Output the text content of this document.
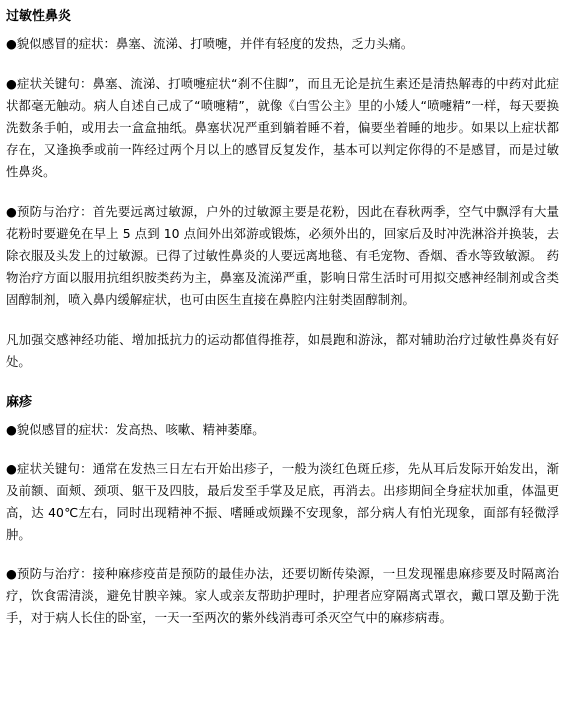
过敏性鼻炎

●貌似感冒的症状：鼻塞、流涕、打喷嚏，并伴有轻度的发热，乏力头痛。

●症状关键句：鼻塞、流涕、打喷嚏症状“刹不住脚”，而且无论是抗生素还是清热解毒的中药对此症状都毫无触动。病人自述自己成了“喷嚏精”，就像《白雪公主》里的小矮人“喷嚏精”一样，每天要换洗数条手帕，或用去一盒盒抽纸。鼻塞状况严重到躺着睡不着，偏要坐着睡的地步。如果以上症状都存在，又逢换季或前一阵经过两个月以上的感冒反复发作，基本可以判定你得的不是感冒，而是过敏性鼻炎。

●预防与治疗：首先要远离过敏源，户外的过敏源主要是花粉，因此在春秋两季，空气中飘浮有大量花粉时要避免在早上 5 点到 10 点间外出郊游或锻炼，必须外出的，回家后及时冲洗淋浴并换装，去除衣服及头发上的过敏源。已得了过敏性鼻炎的人要远离地毯、有毛宠物、香烟、香水等致敏源。 药物治疗方面以服用抗组织胺类药为主，鼻塞及流涕严重，影响日常生活时可用拟交感神经制剂或含类固醇制剂，喷入鼻内缓解症状，也可由医生直接在鼻腔内注射类固醇制剂。

凡加强交感神经功能、增加抵抗力的运动都值得推荐，如晨跑和游泳，都对辅助治疗过敏性鼻炎有好处。

麻疹

●貌似感冒的症状：发高热、咳嗽、精神萎靡。

●症状关键句：通常在发热三日左右开始出疹子，一般为淡红色斑丘疹，先从耳后发际开始发出，渐及前额、面颊、颈项、躯干及四肢，最后发至手掌及足底，再消去。出疹期间全身症状加重，体温更高，达 40℃左右，同时出现精神不振、嗜睡或烦躁不安现象，部分病人有怕光现象，面部有轻微浮肿。

●预防与治疗：接种麻疹疫苗是预防的最佳办法，还要切断传染源，一旦发现罹患麻疹要及时隔离治疗，饮食需清淡，避免甘腴辛辣。家人或亲友帮助护理时，护理者应穿隔离式罩衣，戴口罩及勤于洗手，对于病人长住的卧室，一天一至两次的紫外线消毒可杀灭空气中的麻疹病毒。
